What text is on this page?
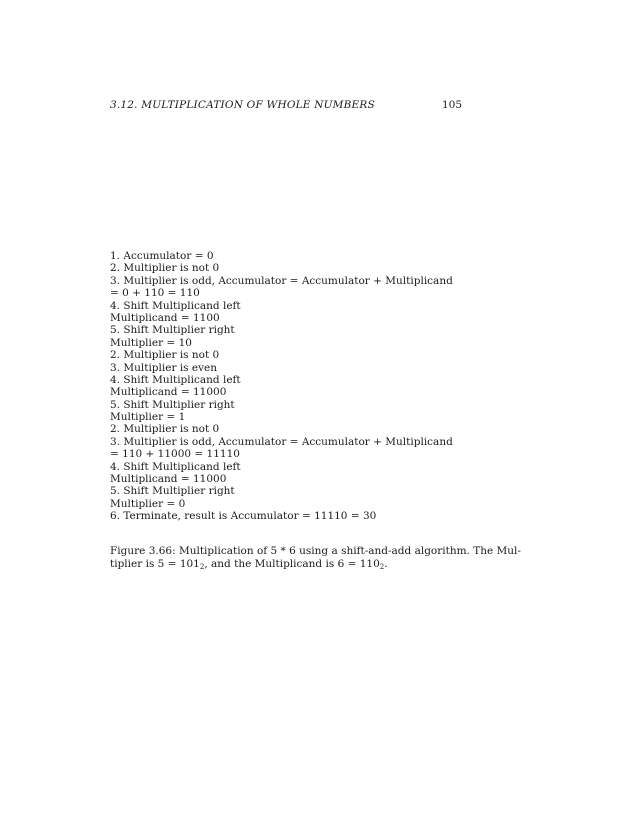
3.12. MULTIPLICATION OF WHOLE NUMBERS	105
1. Accumulator = 0
2. Multiplier is not 0
3. Multiplier is odd, Accumulator = Accumulator + Multiplicand
= 0 + 110 = 110
4. Shift Multiplicand left
Multiplicand = 1100
5. Shift Multiplier right
Multiplier = 10
2. Multiplier is not 0
3. Multiplier is even
4. Shift Multiplicand left
Multiplicand = 11000
5. Shift Multiplier right
Multiplier = 1
2. Multiplier is not 0
3. Multiplier is odd, Accumulator = Accumulator + Multiplicand
= 110 + 11000 = 11110
4. Shift Multiplicand left
Multiplicand = 11000
5. Shift Multiplier right
Multiplier = 0
6. Terminate, result is Accumulator = 11110 = 30
Figure 3.66: Multiplication of 5 * 6 using a shift-and-add algorithm. The Mul-
tiplier is $5 = 101_2$, and the Multiplicand is $6 = 110_2$.
